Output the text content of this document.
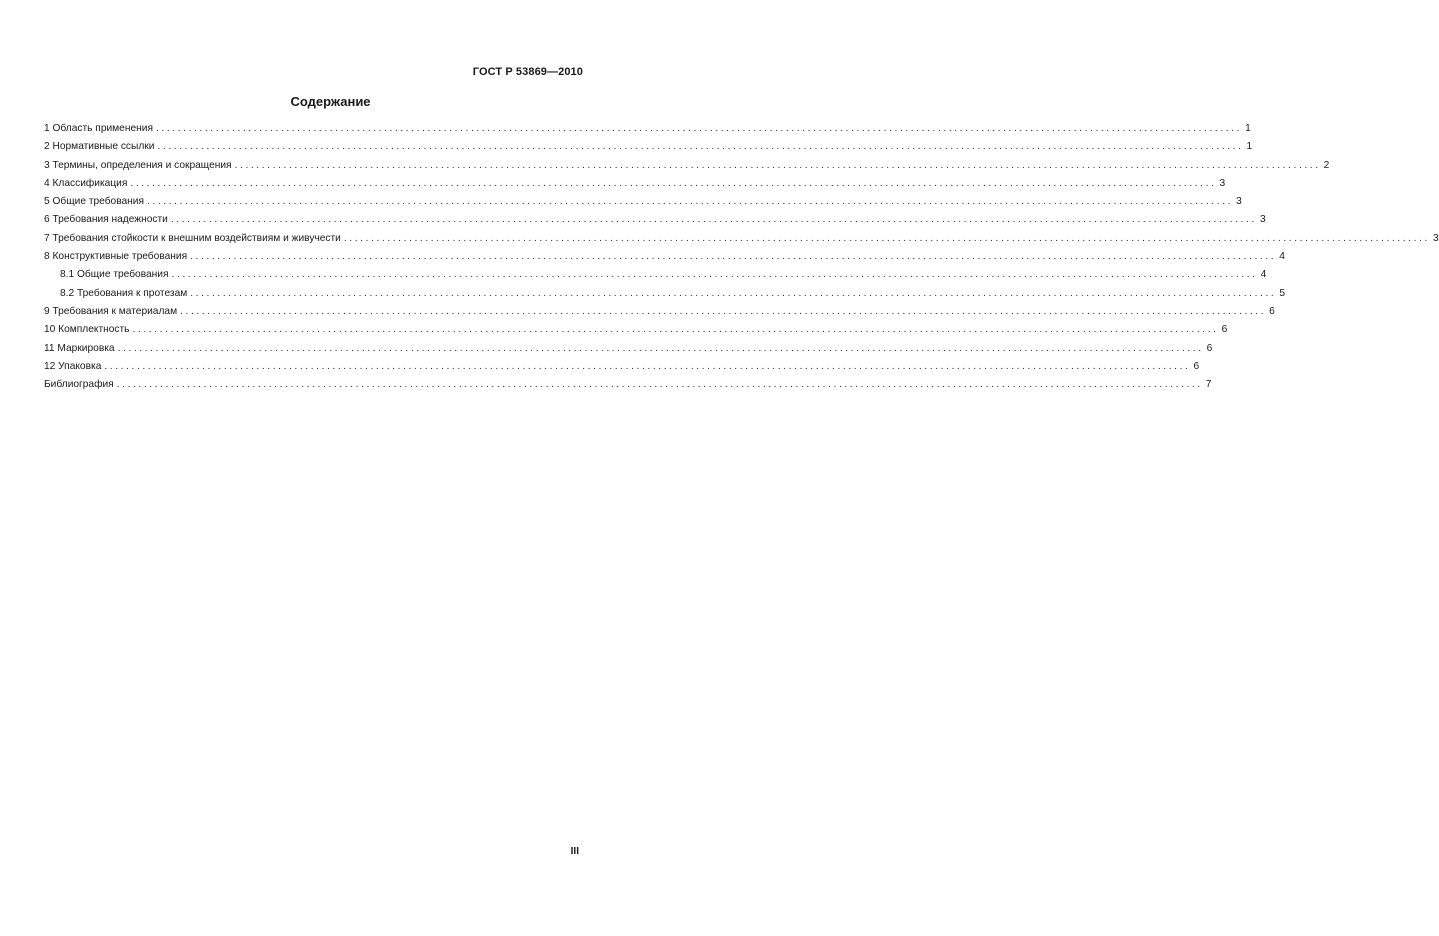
ГОСТ Р 53869—2010
Содержание
1 Область применения ........................................................................................................................................................................................................ 1
2 Нормативные ссылки ........................................................................................................................................................................................................ 1
3 Термины, определения и сокращения ........................................................................................................................................................................................................ 2
4 Классификация ........................................................................................................................................................................................................ 3
5 Общие требования ........................................................................................................................................................................................................ 3
6 Требования надежности ........................................................................................................................................................................................................ 3
7 Требования стойкости к внешним воздействиям и живучести ........................................................................................................................................................................................................ 3
8 Конструктивные требования ........................................................................................................................................................................................................ 4
8.1 Общие требования ........................................................................................................................................................................................................ 4
8.2 Требования к протезам ........................................................................................................................................................................................................ 5
9 Требования к материалам ........................................................................................................................................................................................................ 6
10 Комплектность ........................................................................................................................................................................................................ 6
11 Маркировка ........................................................................................................................................................................................................ 6
12 Упаковка ........................................................................................................................................................................................................ 6
Библиография ........................................................................................................................................................................................................ 7
III
